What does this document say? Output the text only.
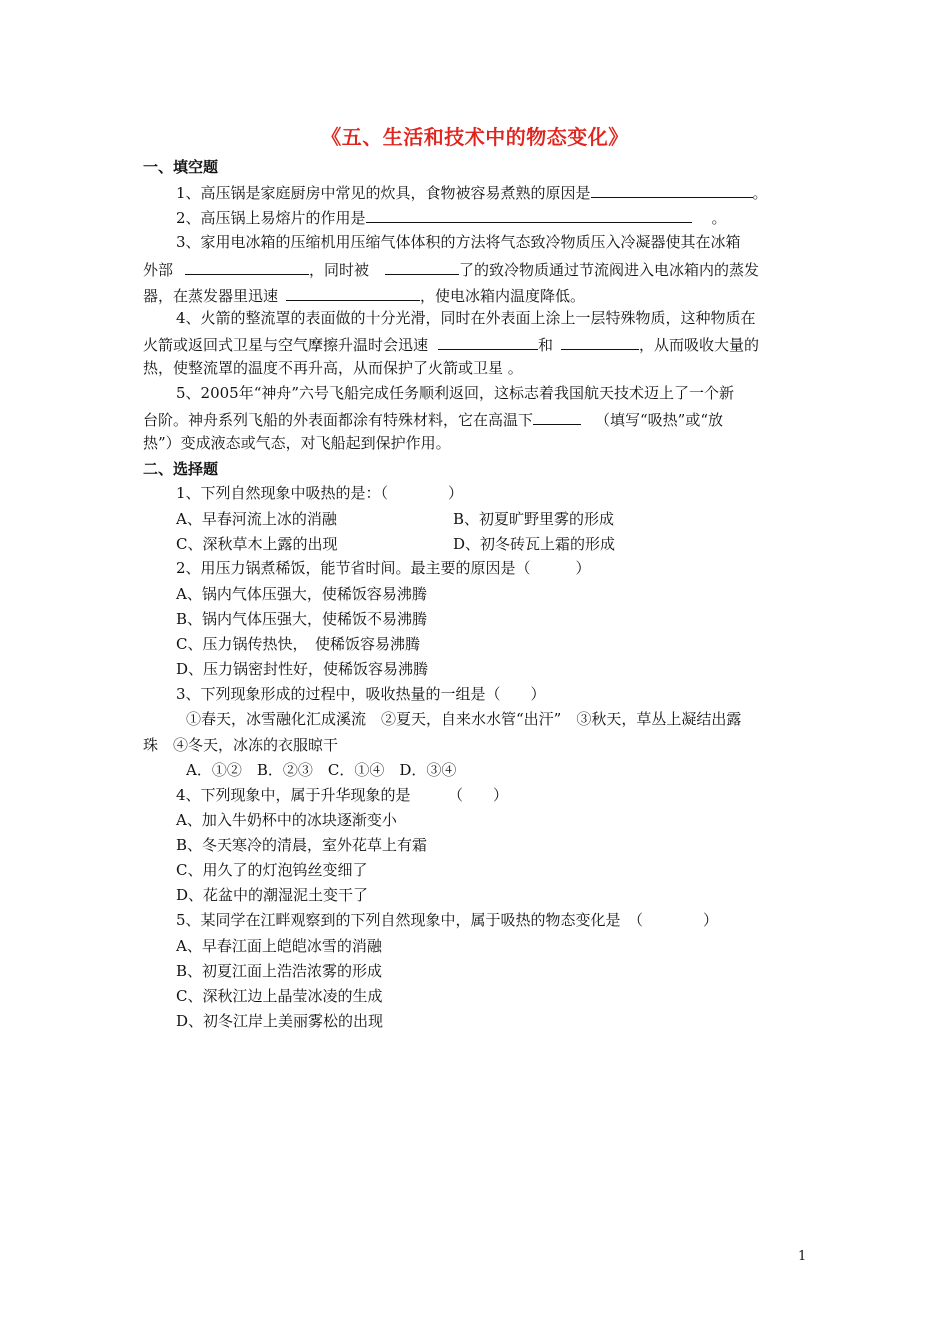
《五、生活和技术中的物态变化》
一、填空题
1、高压锅是家庭厨房中常见的炊具，食物被容易煮熟的原因是	。
2、高压锅上易熔片的作用是	。
3、家用电冰箱的压缩机用压缩气体体积的方法将气态致冷物质压入冷凝器使其在冰箱
外部	，同时被	了的致冷物质通过节流阀进入电冰箱内的蒸发
器，在蒸发器里迅速	，使电冰箱内温度降低。
4、火箭的整流罩的表面做的十分光滑，同时在外表面上涂上一层特殊物质，这种物质在
火箭或返回式卫星与空气摩擦升温时会迅速	和	，从而吸收大量的
热，使整流罩的温度不再升高，从而保护了火箭或卫星 。
5、2005年“神舟”六号飞船完成任务顺利返回，这标志着我国航天技术迈上了一个新
台阶。神舟系列飞船的外表面都涂有特殊材料，它在高温下	（填写“吸热”或“放
热”）变成液态或气态，对飞船起到保护作用。
二、选择题
1、下列自然现象中吸热的是：（　　　　）
A、早春河流上冰的消融	B、初夏旷野里雾的形成
C、深秋草木上露的出现	D、初冬砖瓦上霜的形成
2、用压力锅煮稀饭，能节省时间。最主要的原因是（　　　）
A、锅内气体压强大，使稀饭容易沸腾
B、锅内气体压强大，使稀饭不易沸腾
C、压力锅传热快，　使稀饭容易沸腾
D、压力锅密封性好，使稀饭容易沸腾
3、下列现象形成的过程中，吸收热量的一组是（　　）
①春天，冰雪融化汇成溪流　②夏天，自来水水管“出汗”　③秋天，草丛上凝结出露
珠　④冬天，冰冻的衣服晾干
A．①②　B．②③　C．①④　D．③④
4、下列现象中，属于升华现象的是　　　（　　）
A、加入牛奶杯中的冰块逐渐变小
B、冬天寒冷的清晨，室外花草上有霜
C、用久了的灯泡钨丝变细了
D、花盆中的潮湿泥土变干了
5、某同学在江畔观察到的下列自然现象中，属于吸热的物态变化是　（　　　　）
A、早春江面上皑皑冰雪的消融
B、初夏江面上浩浩浓雾的形成
C、深秋江边上晶莹冰凌的生成
D、初冬江岸上美丽雾松的出现
1
